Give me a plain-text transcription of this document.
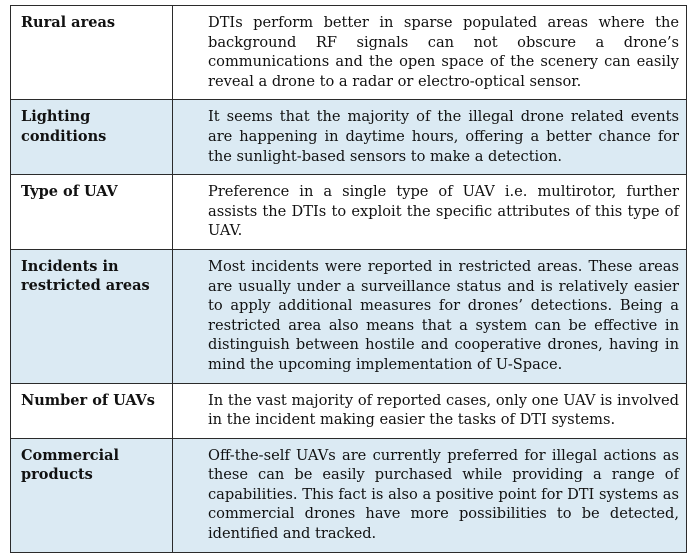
Rural areas	DTIs perform better in sparse populated areas where the background RF signals can not obscure a drone’s communications and the open space of the scenery can easily reveal a drone to a radar or electro-optical sensor.
Lighting conditions	It seems that the majority of the illegal drone related events are happening in daytime hours, offering a better chance for the sunlight-based sensors to make a detection.
Type of UAV	Preference in a single type of UAV i.e. multirotor, further assists the DTIs to exploit the specific attributes of this type of UAV.
Incidents in restricted areas	Most incidents were reported in restricted areas. These areas are usually under a surveillance status and is relatively easier to apply additional measures for drones’ detections. Being a restricted area also means that a system can be effective in distinguish between hostile and cooperative drones, having in mind the upcoming implementation of U-Space.
Number of UAVs	In the vast majority of reported cases, only one UAV is involved in the incident making easier the tasks of DTI systems.
Commercial products	Off-the-self UAVs are currently preferred for illegal actions as these can be easily purchased while providing a range of capabilities. This fact is also a positive point for DTI systems as commercial drones have more possibilities to be detected, identified and tracked.
